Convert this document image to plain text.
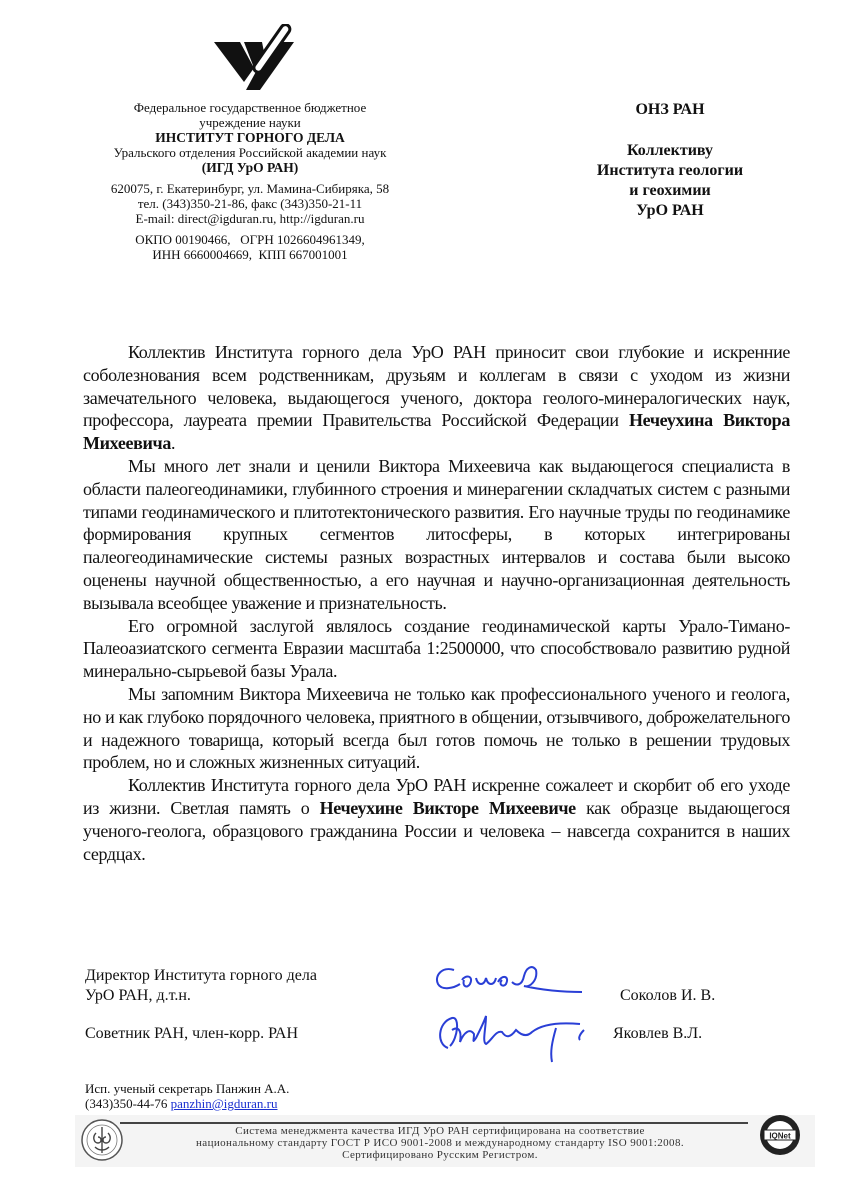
Федеральное государственное бюджетное
учреждение науки
ИНСТИТУТ ГОРНОГО ДЕЛА
Уральского отделения Российской академии наук
(ИГД УрО РАН)
620075, г. Екатеринбург, ул. Мамина-Сибиряка, 58
тел. (343)350-21-86, факс (343)350-21-11
E-mail: direct@igduran.ru, http://igduran.ru
ОКПО 00190466,   ОГРН 1026604961349,
ИНН 6660004669,  КПП 667001001
ОНЗ РАН
Коллективу
Института геологии
и геохимии
УрО РАН

Коллектив Института горного дела УрО РАН приносит свои глубокие и искренние соболезнования всем родственникам, друзьям и коллегам в связи с уходом из жизни замечательного человека, выдающегося ученого, доктора геолого-минералогических наук, профессора, лауреата премии Правительства Российской Федерации Нечеухина Виктора Михеевича.

Мы много лет знали и ценили Виктора Михеевича как выдающегося специалиста в области палеогеодинамики, глубинного строения и минерагении складчатых систем с разными типами геодинамического и плитотектонического развития. Его научные труды по геодинамике формирования крупных сегментов литосферы, в которых интегрированы палеогеодинамические системы разных возрастных интервалов и состава были высоко оценены научной общественностью, а его научная и научно-организационная деятельность вызывала всеобщее уважение и признательность.

Его огромной заслугой являлось создание геодинамической карты Урало-Тимано-Палеоазиатского сегмента Евразии масштаба 1:2500000, что способствовало развитию рудной минерально-сырьевой базы Урала.

Мы запомним Виктора Михеевича не только как профессионального ученого и геолога, но и как глубоко порядочного человека, приятного в общении, отзывчивого, доброжелательного и надежного товарища, который всегда был готов помочь не только в решении трудовых проблем, но и сложных жизненных ситуаций.

Коллектив Института горного дела УрО РАН искренне сожалеет и скорбит об его уходе из жизни. Светлая память о Нечеухине Викторе Михеевиче как образце выдающегося ученого-геолога, образцового гражданина России и человека – навсегда сохранится в наших сердцах.

Директор Института горного дела
УрО РАН, д.т.н.	Соколов И. В.
Советник РАН, член-корр. РАН	Яковлев В.Л.
Исп. ученый секретарь Панжин А.А.
(343)350-44-76 panzhin@igduran.ru
Система менеджмента качества ИГД УрО РАН сертифицирована на соответствие
национальному стандарту ГОСТ Р ИСО 9001-2008 и международному стандарту ISO 9001:2008.
Сертифицировано Русским Регистром.
IQNet
